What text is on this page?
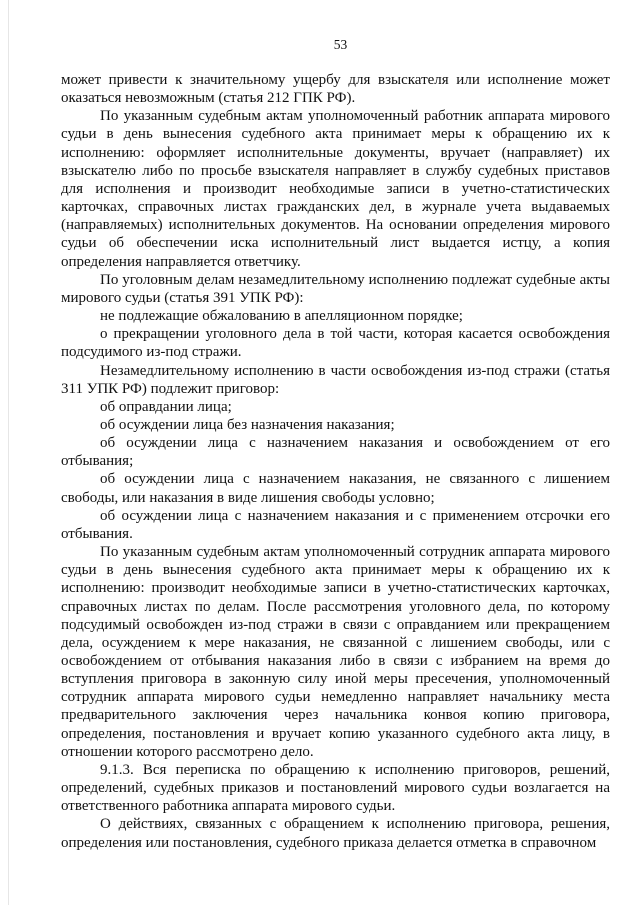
53

может привести к значительному ущербу для взыскателя или исполнение может оказаться невозможным (статья 212 ГПК РФ).

По указанным судебным актам уполномоченный работник аппарата мирового судьи в день вынесения судебного акта принимает меры к обращению их к исполнению: оформляет исполнительные документы, вручает (направляет) их взыскателю либо по просьбе взыскателя направляет в службу судебных приставов для исполнения и производит необходимые записи в учетно-статистических карточках, справочных листах гражданских дел, в журнале учета выдаваемых (направляемых) исполнительных документов. На основании определения мирового судьи об обеспечении иска исполнительный лист выдается истцу, а копия определения направляется ответчику.

По уголовным делам незамедлительному исполнению подлежат судебные акты мирового судьи (статья 391 УПК РФ):

не подлежащие обжалованию в апелляционном порядке;

о прекращении уголовного дела в той части, которая касается освобождения подсудимого из-под стражи.

Незамедлительному исполнению в части освобождения из-под стражи (статья 311 УПК РФ) подлежит приговор:

об оправдании лица;

об осуждении лица без назначения наказания;

об осуждении лица с назначением наказания и освобождением от его отбывания;

об осуждении лица с назначением наказания, не связанного с лишением свободы, или наказания в виде лишения свободы условно;

об осуждении лица с назначением наказания и с применением отсрочки его отбывания.

По указанным судебным актам уполномоченный сотрудник аппарата мирового судьи в день вынесения судебного акта принимает меры к обращению их к исполнению: производит необходимые записи в учетно-статистических карточках, справочных листах по делам. После рассмотрения уголовного дела, по которому подсудимый освобожден из-под стражи в связи с оправданием или прекращением дела, осуждением к мере наказания, не связанной с лишением свободы, или с освобождением от отбывания наказания либо в связи с избранием на время до вступления приговора в законную силу иной меры пресечения, уполномоченный сотрудник аппарата мирового судьи немедленно направляет начальнику места предварительного заключения через начальника конвоя копию приговора, определения, постановления и вручает копию указанного судебного акта лицу, в отношении которого рассмотрено дело.

9.1.3. Вся переписка по обращению к исполнению приговоров, решений, определений, судебных приказов и постановлений мирового судьи возлагается на ответственного работника аппарата мирового судьи.

О действиях, связанных с обращением к исполнению приговора, решения, определения или постановления, судебного приказа делается отметка в справочном
